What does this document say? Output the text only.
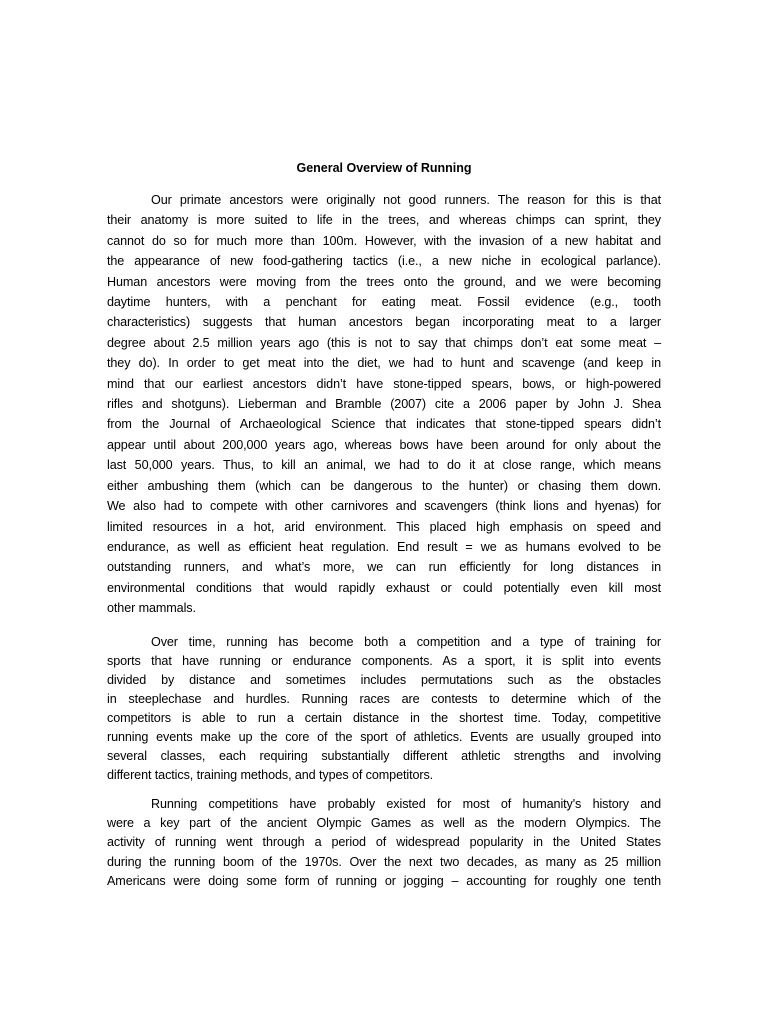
General Overview of Running
Our primate ancestors were originally not good runners. The reason for this is that
their anatomy is more suited to life in the trees, and whereas chimps can sprint, they
cannot do so for much more than 100m. However, with the invasion of a new habitat and
the appearance of new food-gathering tactics (i.e., a new niche in ecological parlance).
Human ancestors were moving from the trees onto the ground, and we were becoming
daytime hunters, with a penchant for eating meat. Fossil evidence (e.g., tooth
characteristics) suggests that human ancestors began incorporating meat to a larger
degree about 2.5 million years ago (this is not to say that chimps don’t eat some meat –
they do). In order to get meat into the diet, we had to hunt and scavenge (and keep in
mind that our earliest ancestors didn’t have stone-tipped spears, bows, or high-powered
rifles and shotguns). Lieberman and Bramble (2007) cite a 2006 paper by John J. Shea
from the Journal of Archaeological Science that indicates that stone-tipped spears didn’t
appear until about 200,000 years ago, whereas bows have been around for only about the
last 50,000 years. Thus, to kill an animal, we had to do it at close range, which means
either ambushing them (which can be dangerous to the hunter) or chasing them down.
We also had to compete with other carnivores and scavengers (think lions and hyenas) for
limited resources in a hot, arid environment. This placed high emphasis on speed and
endurance, as well as efficient heat regulation. End result = we as humans evolved to be
outstanding runners, and what’s more, we can run efficiently for long distances in
environmental conditions that would rapidly exhaust or could potentially even kill most
other mammals.
Over time, running has become both a competition and a type of training for
sports that have running or endurance components. As a sport, it is split into events
divided by distance and sometimes includes permutations such as the obstacles
in steeplechase and hurdles. Running races are contests to determine which of the
competitors is able to run a certain distance in the shortest time. Today, competitive
running events make up the core of the sport of athletics. Events are usually grouped into
several classes, each requiring substantially different athletic strengths and involving
different tactics, training methods, and types of competitors.
Running competitions have probably existed for most of humanity's history and
were a key part of the ancient Olympic Games as well as the modern Olympics. The
activity of running went through a period of widespread popularity in the United States
during the running boom of the 1970s. Over the next two decades, as many as 25 million
Americans were doing some form of running or jogging – accounting for roughly one tenth
